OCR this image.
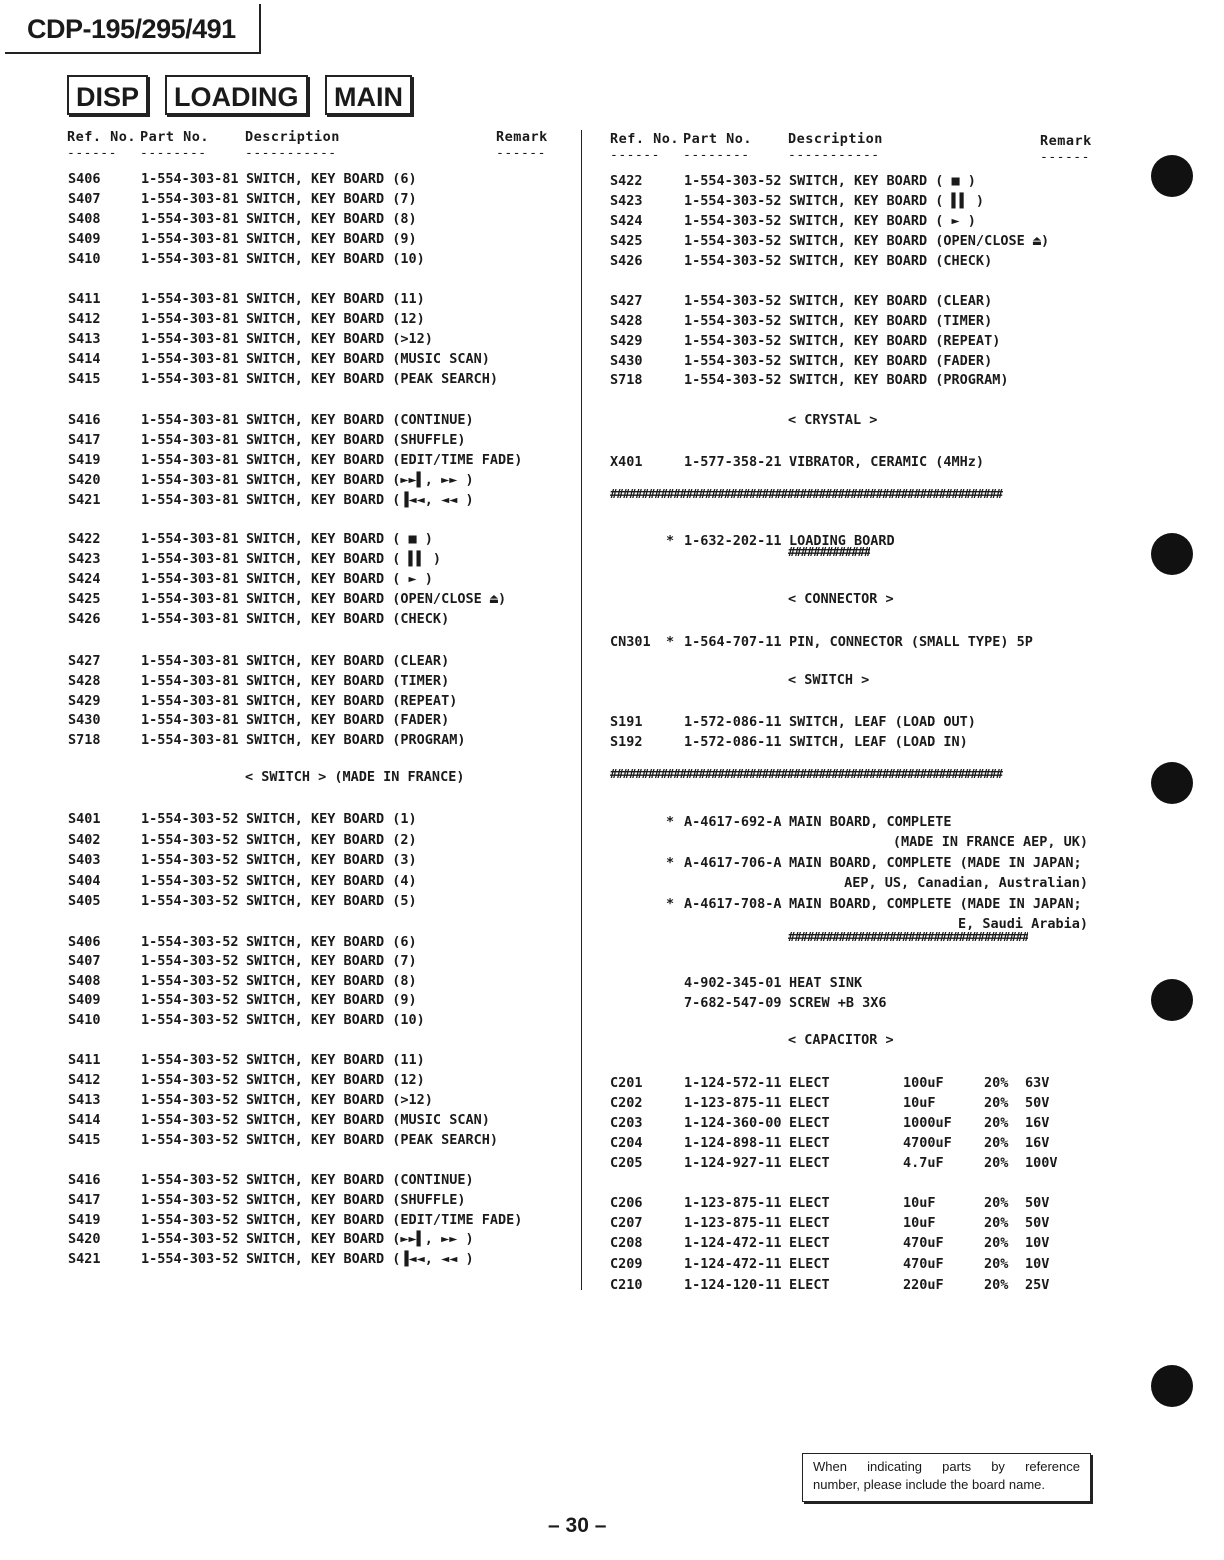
CDP-195/295/491
DISP	LOADING	MAIN
Ref. No. Part No.	Description	Remark
------ --------	-----------	------
Ref. No. Part No.	Description	Remark
------ --------	-----------	------
S406	1-554-303-81 SWITCH, KEY BOARD (6)
S407	1-554-303-81 SWITCH, KEY BOARD (7)
S408	1-554-303-81 SWITCH, KEY BOARD (8)
S409	1-554-303-81 SWITCH, KEY BOARD (9)
S410	1-554-303-81 SWITCH, KEY BOARD (10)
S411	1-554-303-81 SWITCH, KEY BOARD (11)
S412	1-554-303-81 SWITCH, KEY BOARD (12)
S413	1-554-303-81 SWITCH, KEY BOARD (>12)
S414	1-554-303-81 SWITCH, KEY BOARD (MUSIC SCAN)
S415	1-554-303-81 SWITCH, KEY BOARD (PEAK SEARCH)
S416	1-554-303-81 SWITCH, KEY BOARD (CONTINUE)
S417	1-554-303-81 SWITCH, KEY BOARD (SHUFFLE)
S419	1-554-303-81 SWITCH, KEY BOARD (EDIT/TIME FADE)
S420	1-554-303-81 SWITCH, KEY BOARD (►►▌, ►► )
S421	1-554-303-81 SWITCH, KEY BOARD (▐◄◄, ◄◄ )
S422	1-554-303-81 SWITCH, KEY BOARD ( ■ )
S423	1-554-303-81 SWITCH, KEY BOARD ( ▌▌ )
S424	1-554-303-81 SWITCH, KEY BOARD ( ► )
S425	1-554-303-81 SWITCH, KEY BOARD (OPEN/CLOSE ⏏)
S426	1-554-303-81 SWITCH, KEY BOARD (CHECK)
S427	1-554-303-81 SWITCH, KEY BOARD (CLEAR)
S428	1-554-303-81 SWITCH, KEY BOARD (TIMER)
S429	1-554-303-81 SWITCH, KEY BOARD (REPEAT)
S430	1-554-303-81 SWITCH, KEY BOARD (FADER)
S718	1-554-303-81 SWITCH, KEY BOARD (PROGRAM)
< SWITCH > (MADE IN FRANCE)
S401	1-554-303-52 SWITCH, KEY BOARD (1)
S402	1-554-303-52 SWITCH, KEY BOARD (2)
S403	1-554-303-52 SWITCH, KEY BOARD (3)
S404	1-554-303-52 SWITCH, KEY BOARD (4)
S405	1-554-303-52 SWITCH, KEY BOARD (5)
S406	1-554-303-52 SWITCH, KEY BOARD (6)
S407	1-554-303-52 SWITCH, KEY BOARD (7)
S408	1-554-303-52 SWITCH, KEY BOARD (8)
S409	1-554-303-52 SWITCH, KEY BOARD (9)
S410	1-554-303-52 SWITCH, KEY BOARD (10)
S411	1-554-303-52 SWITCH, KEY BOARD (11)
S412	1-554-303-52 SWITCH, KEY BOARD (12)
S413	1-554-303-52 SWITCH, KEY BOARD (>12)
S414	1-554-303-52 SWITCH, KEY BOARD (MUSIC SCAN)
S415	1-554-303-52 SWITCH, KEY BOARD (PEAK SEARCH)
S416	1-554-303-52 SWITCH, KEY BOARD (CONTINUE)
S417	1-554-303-52 SWITCH, KEY BOARD (SHUFFLE)
S419	1-554-303-52 SWITCH, KEY BOARD (EDIT/TIME FADE)
S420	1-554-303-52 SWITCH, KEY BOARD (►►▌, ►► )
S421	1-554-303-52 SWITCH, KEY BOARD (▐◄◄, ◄◄ )
S422	1-554-303-52 SWITCH, KEY BOARD ( ■ )
S423	1-554-303-52 SWITCH, KEY BOARD ( ▌▌ )
S424	1-554-303-52 SWITCH, KEY BOARD ( ► )
S425	1-554-303-52 SWITCH, KEY BOARD (OPEN/CLOSE ⏏)
S426	1-554-303-52 SWITCH, KEY BOARD (CHECK)
S427	1-554-303-52 SWITCH, KEY BOARD (CLEAR)
S428	1-554-303-52 SWITCH, KEY BOARD (TIMER)
S429	1-554-303-52 SWITCH, KEY BOARD (REPEAT)
S430	1-554-303-52 SWITCH, KEY BOARD (FADER)
S718	1-554-303-52 SWITCH, KEY BOARD (PROGRAM)
< CRYSTAL >
X401	1-577-358-21 VIBRATOR, CERAMIC (4MHz)
##############################################################
* 1-632-202-11 LOADING BOARD
#############
< CONNECTOR >
CN301 * 1-564-707-11 PIN, CONNECTOR (SMALL TYPE) 5P
< SWITCH >
S191	1-572-086-11 SWITCH, LEAF (LOAD OUT)
S192	1-572-086-11 SWITCH, LEAF (LOAD IN)
##############################################################
* A-4617-692-A MAIN BOARD, COMPLETE
(MADE IN FRANCE AEP, UK)
* A-4617-706-A MAIN BOARD, COMPLETE (MADE IN JAPAN;
AEP, US, Canadian, Australian)
* A-4617-708-A MAIN BOARD, COMPLETE (MADE IN JAPAN;
E, Saudi Arabia)
######################################
4-902-345-01 HEAT SINK
7-682-547-09 SCREW +B 3X6
< CAPACITOR >
C201	1-124-572-11 ELECT	100uF	20% 63V
C202	1-123-875-11 ELECT	10uF	20% 50V
C203	1-124-360-00 ELECT	1000uF 20% 16V
C204	1-124-898-11 ELECT	4700uF 20% 16V
C205	1-124-927-11 ELECT	4.7uF	20% 100V
C206	1-123-875-11 ELECT	10uF	20% 50V
C207	1-123-875-11 ELECT	10uF	20% 50V
C208	1-124-472-11 ELECT	470uF	20% 10V
C209	1-124-472-11 ELECT	470uF	20% 10V
C210	1-124-120-11 ELECT	220uF	20% 25V
When indicating parts by reference
number, please include the board name.
– 30 –
